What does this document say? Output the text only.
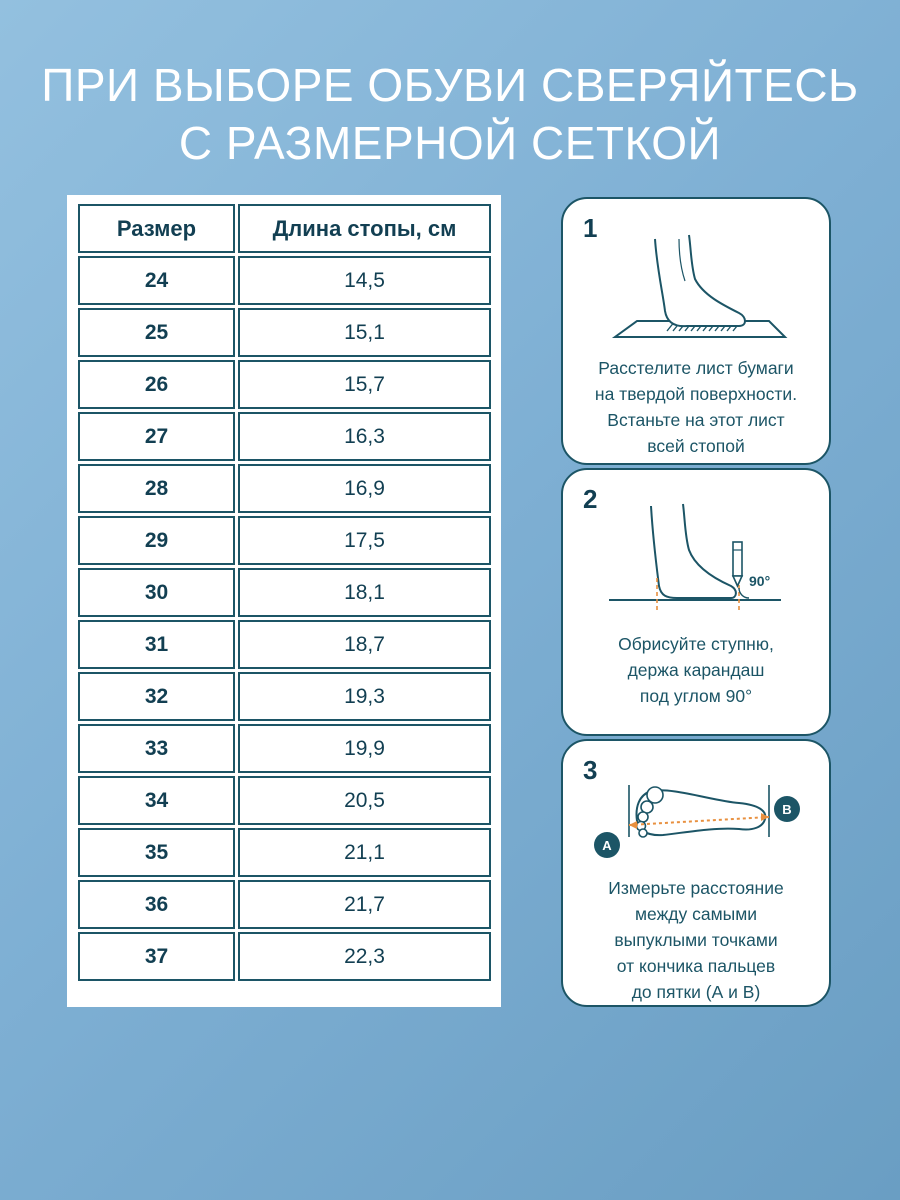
ПРИ ВЫБОРЕ ОБУВИ СВЕРЯЙТЕСЬ
С РАЗМЕРНОЙ СЕТКОЙ
Размер	Длина стопы, см
24	14,5
25	15,1
26	15,7
27	16,3
28	16,9
29	17,5
30	18,1
31	18,7
32	19,3
33	19,9
34	20,5
35	21,1
36	21,7
37	22,3
1
Расстелите лист бумаги
на твердой поверхности.
Встаньте на этот лист
всей стопой
90°
2
Обрисуйте ступню,
держа карандаш
под углом 90°
A
B
3
Измерьте расстояние
между самыми
выпуклыми точками
от кончика пальцев
до пятки (А и В)
